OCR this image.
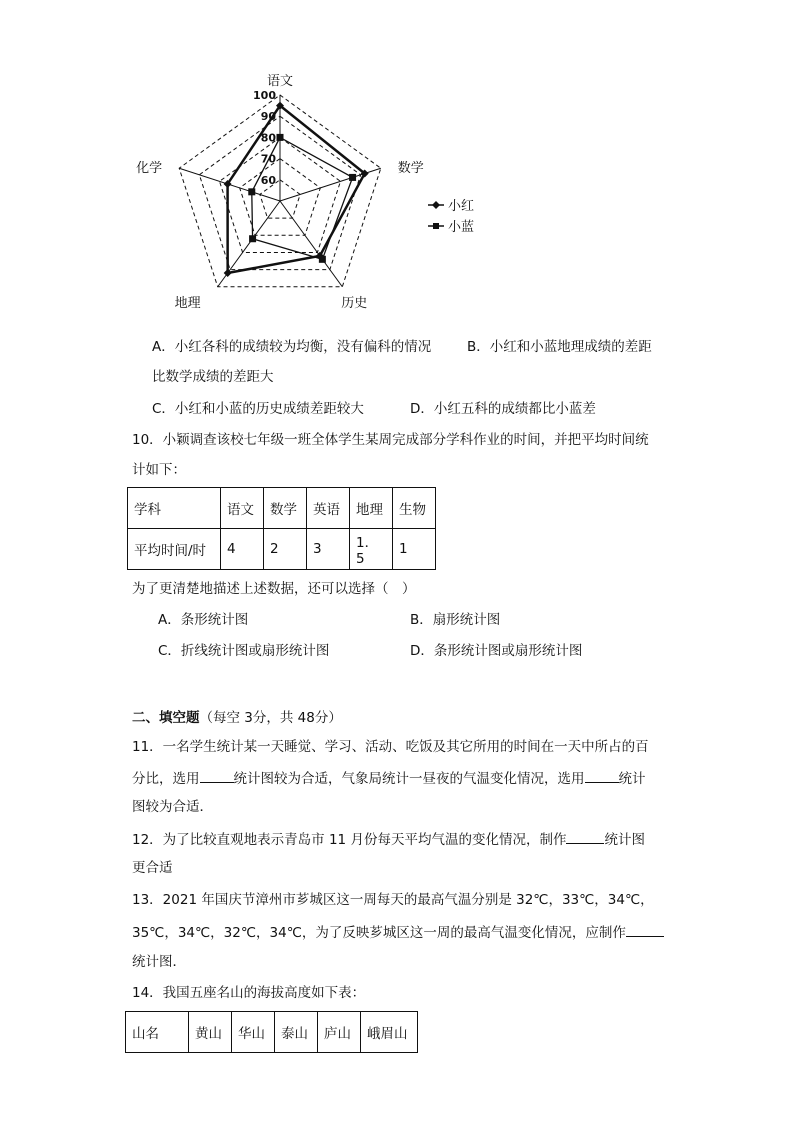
100
90
80
70
60
语文
数学
历史
地理
化学
小红
小蓝
A．小红各科的成绩较为均衡，没有偏科的情况	B．小红和小蓝地理成绩的差距
比数学成绩的差距大
C．小红和小蓝的历史成绩差距较大	D．小红五科的成绩都比小蓝差
10．小颖调查该校七年级一班全体学生某周完成部分学科作业的时间，并把平均时间统
计如下：
学科	语文	数学	英语	地理	生物
平均时间/时	4	2	3	1．5	1
为了更清楚地描述上述数据，还可以选择（　）
A．条形统计图	B．扇形统计图
C．折线统计图或扇形统计图	D．条形统计图或扇形统计图
二、填空题（每空 3分，共 48分）
11．一名学生统计某一天睡觉、学习、活动、吃饭及其它所用的时间在一天中所占的百
分比，选用	统计图较为合适，气象局统计一昼夜的气温变化情况，选用	统计
图较为合适．
12．为了比较直观地表示青岛市 11 月份每天平均气温的变化情况，制作	统计图
更合适
13．2021 年国庆节漳州市芗城区这一周每天的最高气温分别是 32℃，33℃，34℃，
35℃，34℃，32℃，34℃，为了反映芗城区这一周的最高气温变化情况，应制作
统计图．
14．我国五座名山的海拔高度如下表：
山名	黄山	华山	泰山	庐山	峨眉山
